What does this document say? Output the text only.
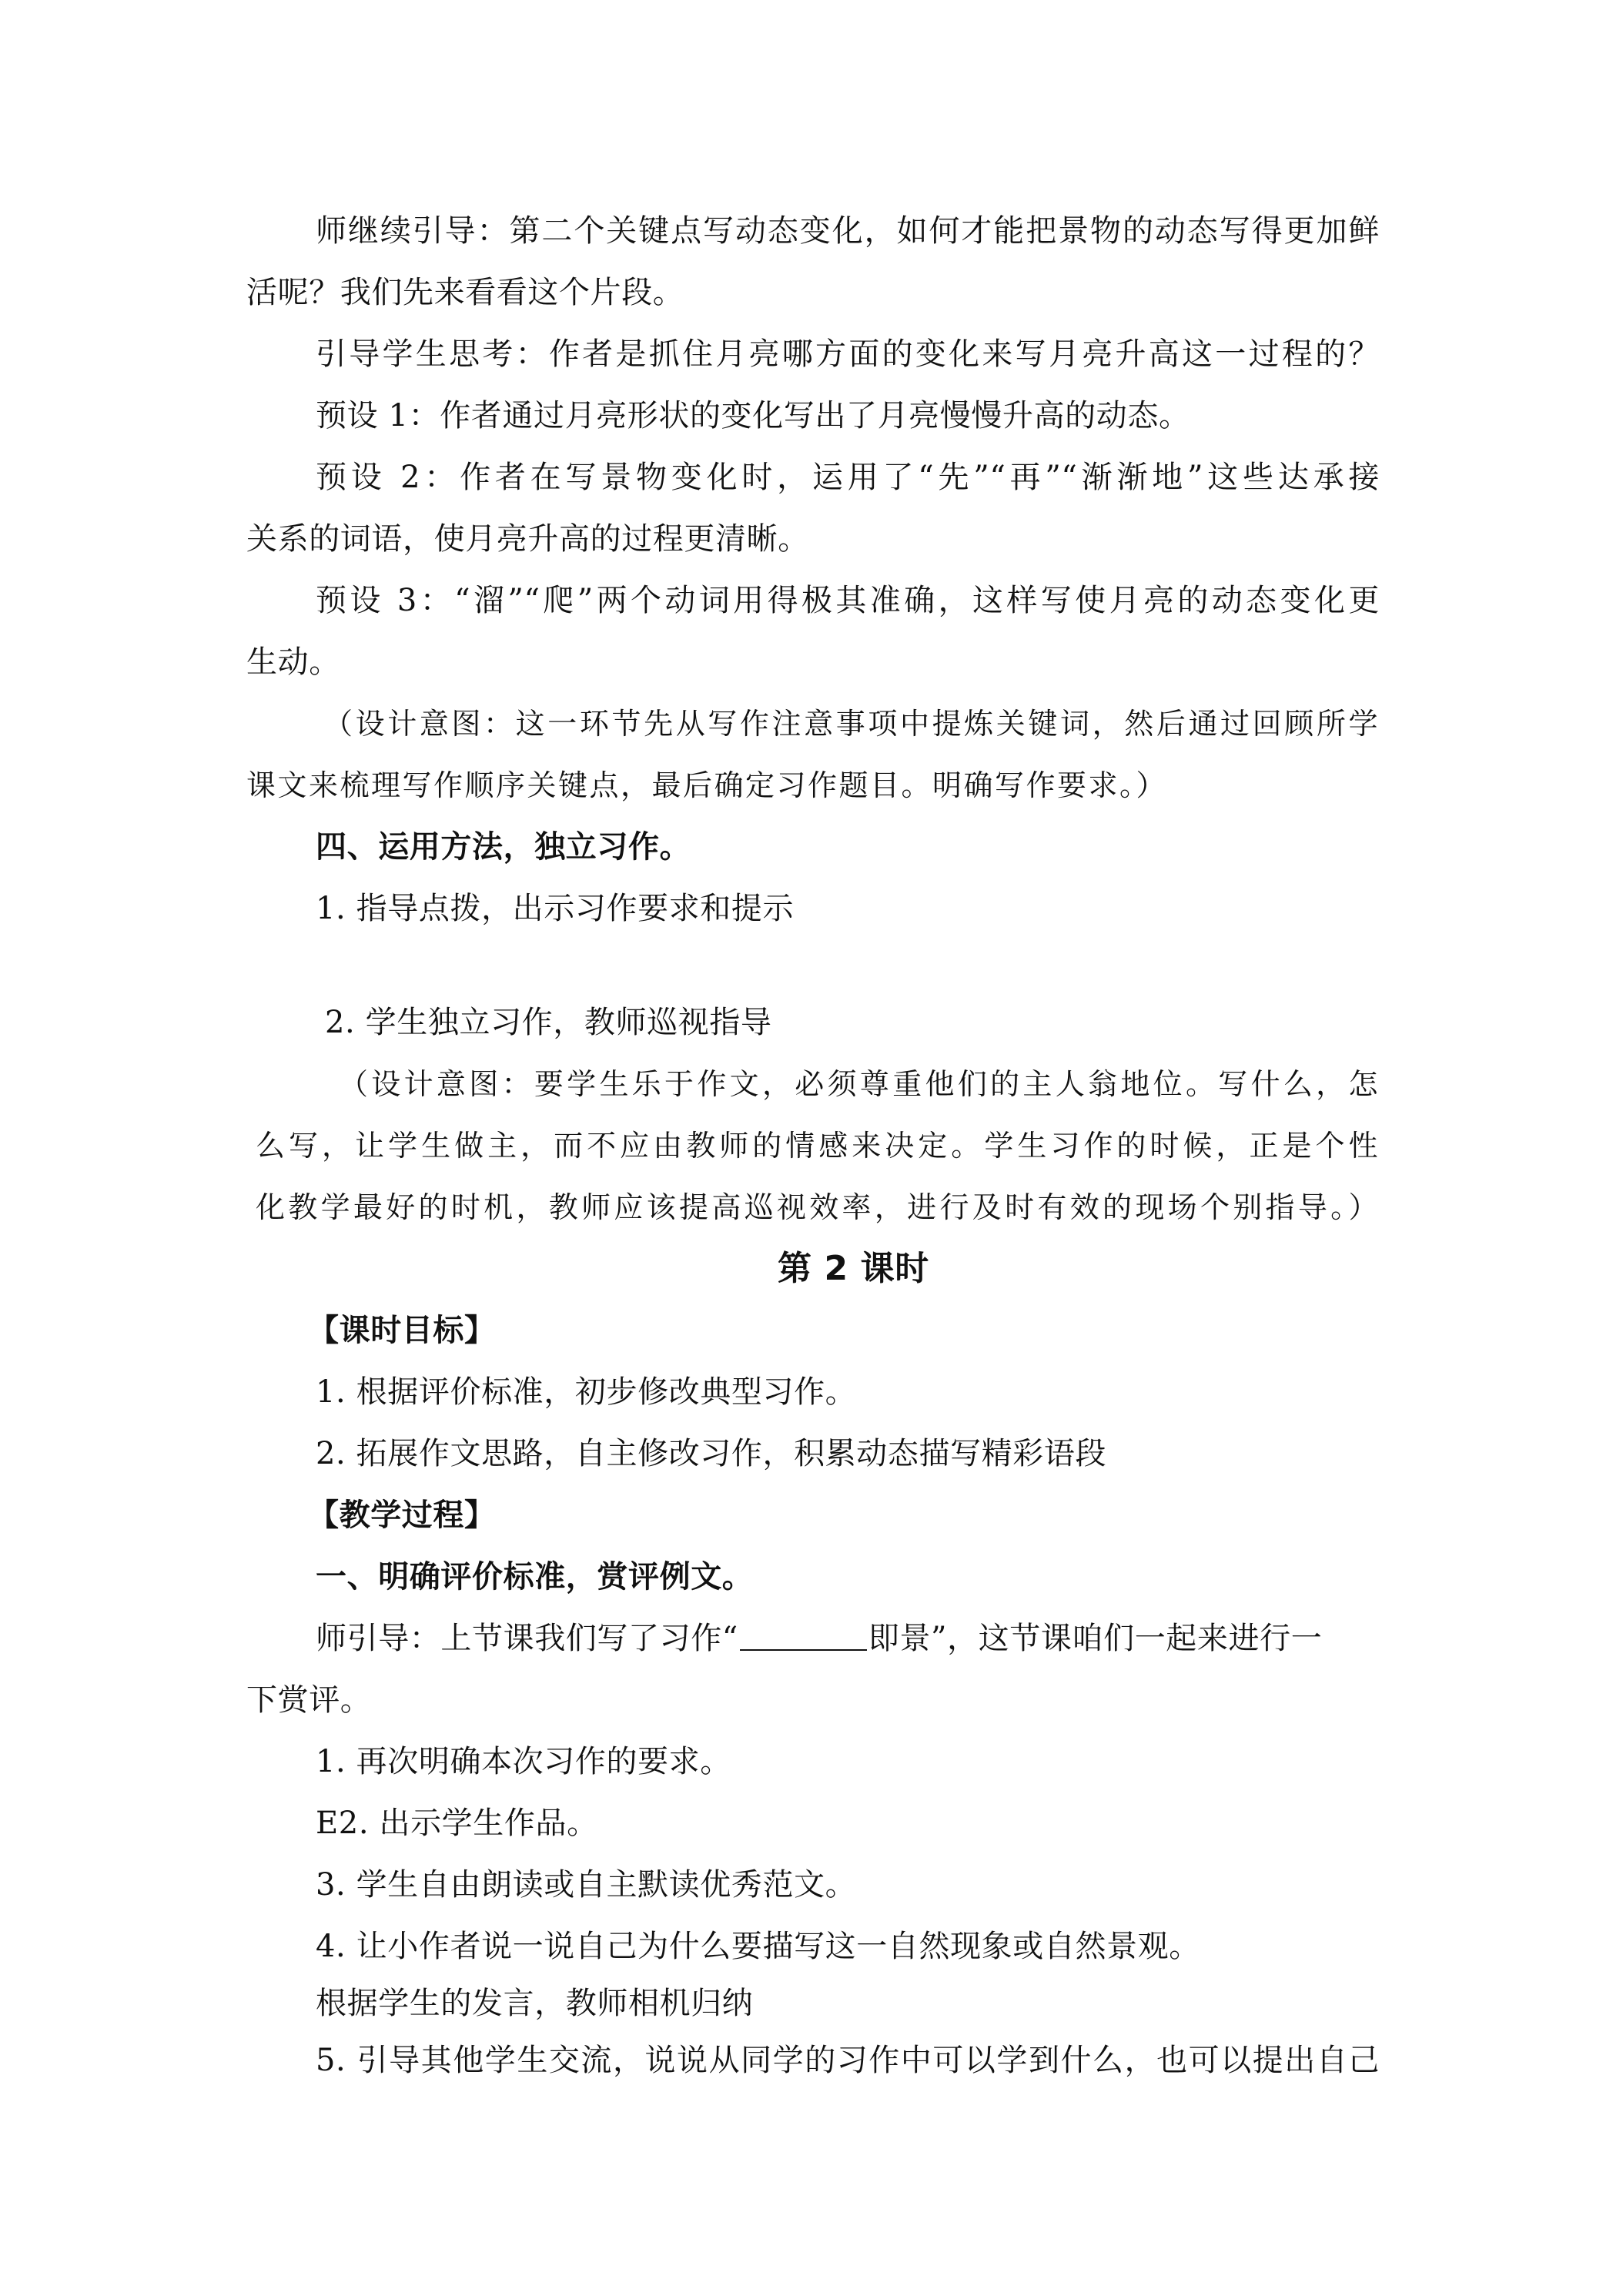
师继续引导：第二个关键点写动态变化，如何才能把景物的动态写得更加鲜
活呢？我们先来看看这个片段。
引导学生思考：作者是抓住月亮哪方面的变化来写月亮升高这一过程的？
预设 1：作者通过月亮形状的变化写出了月亮慢慢升高的动态。
预设 2：作者在写景物变化时，运用了“先”“再”“渐渐地”这些达承接
关系的词语，使月亮升高的过程更清晰。
预设 3：“溜”“爬”两个动词用得极其准确，这样写使月亮的动态变化更
生动。
（设计意图：这一环节先从写作注意事项中提炼关键词，然后通过回顾所学
课文来梳理写作顺序关键点，最后确定习作题目。明确写作要求。）
四、运用方法，独立习作。
1. 指导点拨，出示习作要求和提示
2. 学生独立习作，教师巡视指导
（设计意图：要学生乐于作文，必须尊重他们的主人翁地位。写什么，怎
么写，让学生做主，而不应由教师的情感来决定。学生习作的时候，正是个性
化教学最好的时机，教师应该提高巡视效率，进行及时有效的现场个别指导。）
第 2 课时
【课时目标】
1. 根据评价标准，初步修改典型习作。
2. 拓展作文思路，自主修改习作，积累动态描写精彩语段
【教学过程】
一、明确评价标准，赏评例文。
师引导：上节课我们写了习作“	即景”，这节课咱们一起来进行一
下赏评。
1. 再次明确本次习作的要求。
E2. 出示学生作品。
3. 学生自由朗读或自主默读优秀范文。
4. 让小作者说一说自己为什么要描写这一自然现象或自然景观。
根据学生的发言，教师相机归纳
5. 引导其他学生交流，说说从同学的习作中可以学到什么，也可以提出自己
